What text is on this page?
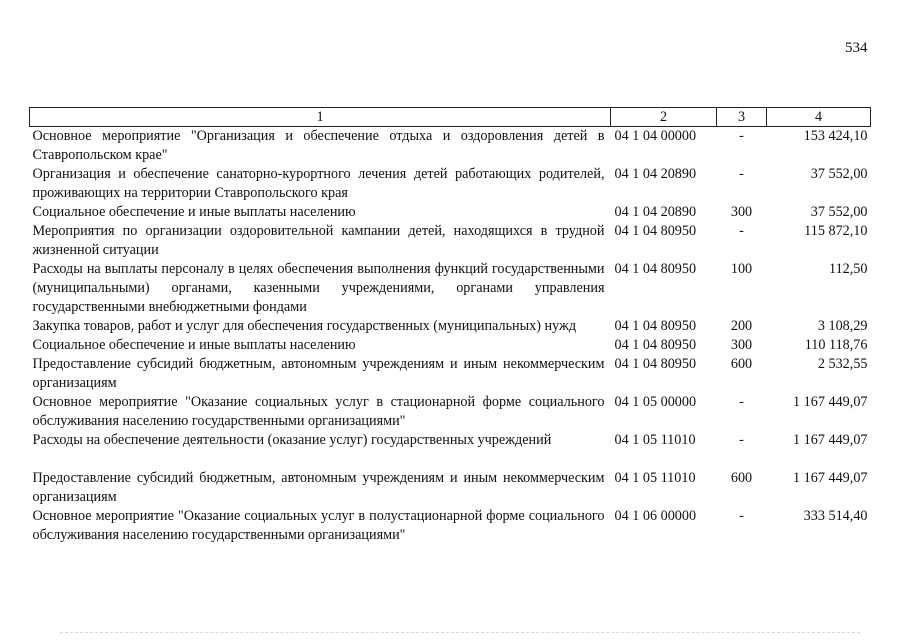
534
1	2	3	4
Основное мероприятие "Организация и обеспечение отдыха и оздоровления детей в Ставропольском крае"	04 1 04 00000	-	153 424,10
Организация и обеспечение санаторно-курортного лечения детей работающих родителей, проживающих на территории Ставропольского края	04 1 04 20890	-	37 552,00
Социальное обеспечение и иные выплаты населению	04 1 04 20890	300	37 552,00
Мероприятия по организации оздоровительной кампании детей, находящихся в трудной жизненной ситуации	04 1 04 80950	-	115 872,10
Расходы на выплаты персоналу в целях обеспечения выполнения функций государственными (муниципальными) органами, казенными учреждениями, органами управления государственными внебюджетными фондами	04 1 04 80950	100	112,50
Закупка товаров, работ и услуг для обеспечения государственных (муниципальных) нужд	04 1 04 80950	200	3 108,29
Социальное обеспечение и иные выплаты населению	04 1 04 80950	300	110 118,76
Предоставление субсидий бюджетным, автономным учреждениям и иным некоммерческим организациям	04 1 04 80950	600	2 532,55
Основное мероприятие "Оказание социальных услуг в стационарной форме социального обслуживания населению государственными организациями"	04 1 05 00000	-	1 167 449,07
Расходы на обеспечение деятельности (оказание услуг) государственных учреждений	04 1 05 11010	-	1 167 449,07
Предоставление субсидий бюджетным, автономным учреждениям и иным некоммерческим организациям	04 1 05 11010	600	1 167 449,07
Основное мероприятие "Оказание социальных услуг в полустационарной форме социального обслуживания населению государственными организациями"	04 1 06 00000	-	333 514,40
